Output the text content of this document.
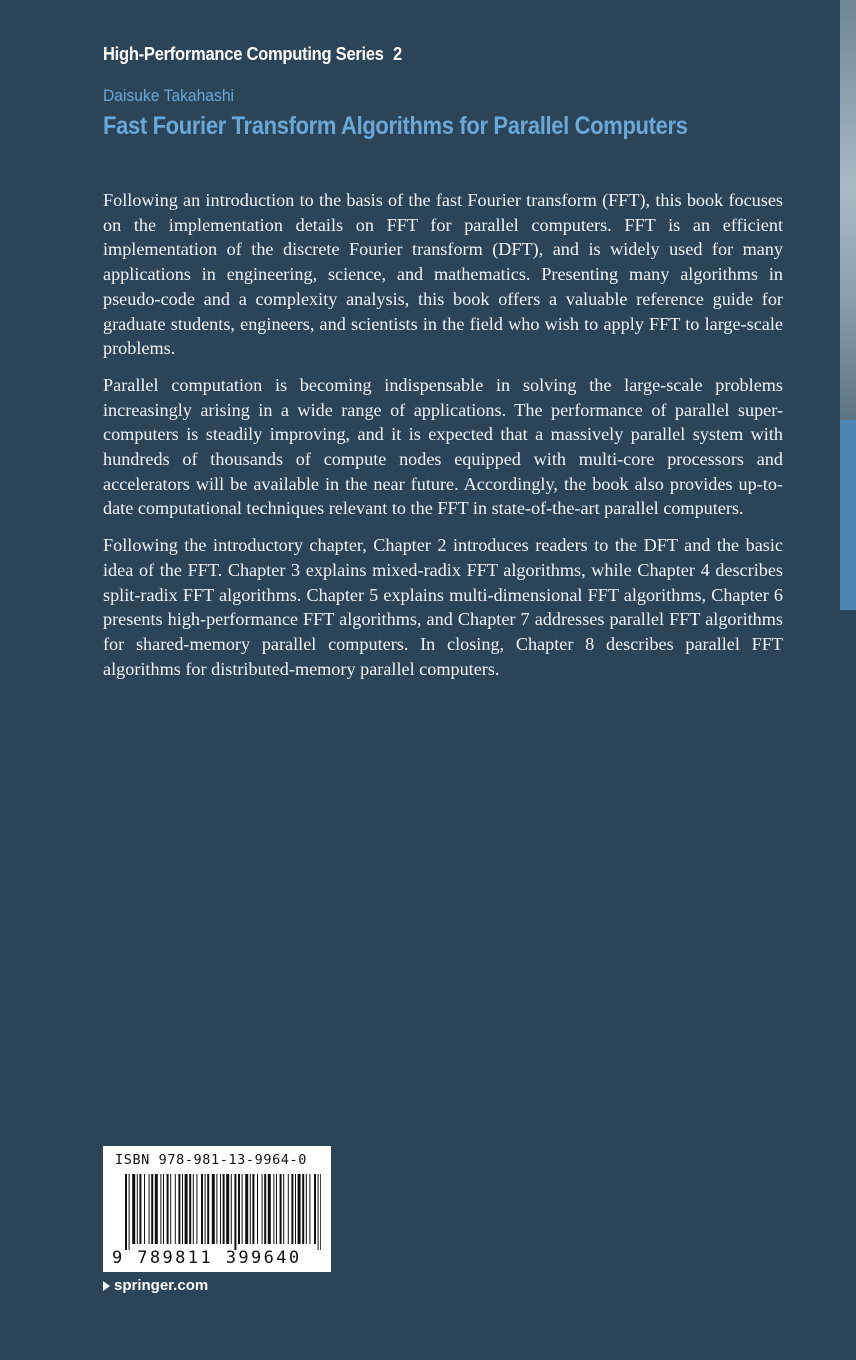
High-Performance Computing Series 2
Daisuke Takahashi
Fast Fourier Transform Algorithms for Parallel Computers

Following an introduction to the basis of the fast Fourier transform (FFT), this book focuses on the implementation details on FFT for parallel computers. FFT is an efficient implementation of the discrete Fourier transform (DFT), and is widely used for many applications in engineering, science, and mathematics. Presenting many algorithms in pseudo-code and a complexity analysis, this book offers a valuable reference guide for graduate students, engineers, and scientists in the field who wish to apply FFT to large-scale problems.

Parallel computation is becoming indispensable in solving the large-scale problems increasingly arising in a wide range of applications. The performance of parallel super-computers is steadily improving, and it is expected that a massively parallel system with hundreds of thousands of compute nodes equipped with multi-core processors and accelerators will be available in the near future. Accordingly, the book also provides up-to-date computational techniques relevant to the FFT in state-of-the-art parallel computers.

Following the introductory chapter, Chapter 2 introduces readers to the DFT and the basic idea of the FFT. Chapter 3 explains mixed-radix FFT algorithms, while Chapter 4 describes split-radix FFT algorithms. Chapter 5 explains multi-dimensional FFT algorithms, Chapter 6 presents high-performance FFT algorithms, and Chapter 7 addresses parallel FFT algorithms for shared-memory parallel computers. In closing, Chapter 8 describes parallel FFT algorithms for distributed-memory parallel computers.

ISBN 978-981-13-9964-0
9 789811 399640
springer.com
